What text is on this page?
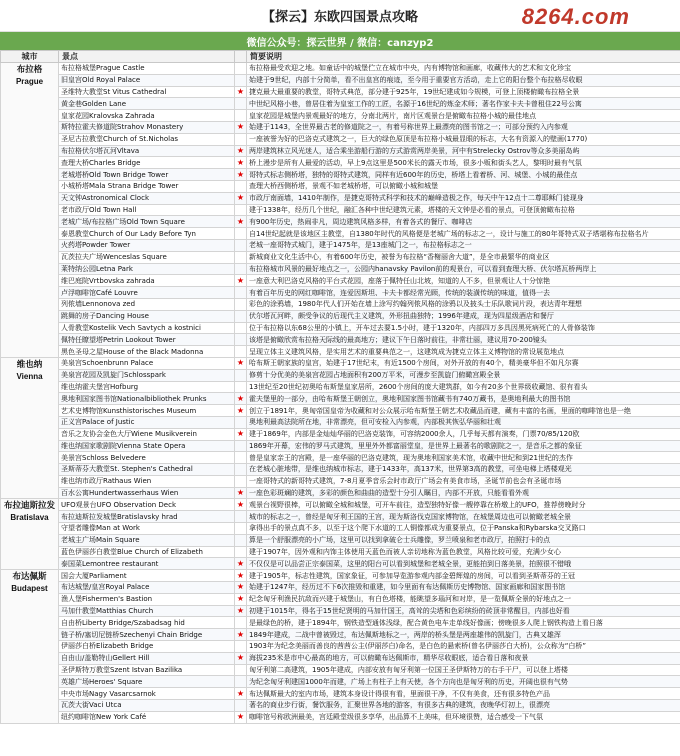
【探云】东欧四国景点攻略	8264.com
微信公众号：探云世界 / 微信：canzyp2
城市	景点		简要说明
布拉格
Prague	布拉格城堡Prague Castle		布拉格最受欢迎之地。如童话中的城堡伫立在城市中央，内有博物馆和画廊，收藏伟大的艺术和文化珍宝
	旧皇宫Old Royal Palace		始建于9世纪，内部十分简单，看不出皇宫的痕迹，至今用于重要官方活动，走上它的阳台整个布拉格尽收眼
	圣维特大教堂St Vitus Cathedral	★	捷克最大最重要的教堂，哥特式典范，部分建于925年，19世纪建成如今规模，可登上顶楼俯瞰布拉格全景
	黄金巷Golden Lane		中世纪风格小巷，曾居住着为皇室工作的工匠，名源于16世纪的炼金术师；著名作家卡夫卡曾租住22号公寓
	皇家花园Kralovska Zahrada		皇家花园是城堡内景观最好的地方，分南北两片，南片区观景台是俯瞰布拉格小城的最佳地点
	斯特拉霍夫修道院Strahov Monastery	★	始建于1143，全世界最古老的修道院之一，有着号称世界上最漂亮的图书馆之一；可部分预约入内参观
	圣尼古拉教堂Church of St.Nicholas		一座被誉为好的巴洛克式建筑之一，巨大的绿色原顶是布拉格小城最显眼的标志，大名有资源入的壁画(1770)
	布拉格伏尔塔瓦河Vltava	★	两岸建筑林立风光迷人，适合乘坐游船行游的方式游赏两岸美景，河中有Strelecky Ostrov等众多美丽岛屿
	查理大桥Charles Bridge	★	桥上漫步是所有人最爱的活动，早上9点这里是500米长的露天市场，很多小贩和街头艺人，黎明时最有气氛
	老城塔桥Old Town Bridge Tower	★	哥特式标志侧桥塔，独特的哥特式建筑，同样有近600年的历史，桥塔上看着桥、河、城堡、小城的最佳点
	小城桥塔Mala Strana Bridge Tower		查理大桥西侧桥塔，景观不如老城桥塔，可以俯瞰小城和城堡
	天文钟Astronomical Clock	★	市政厅南面墙，1410年制作，是捷克哥特式科学和技术的巅峰造极之作，每天中午12点十二尊耶稣门徒现身
	老市政厅Old Town Hall		建于1338年，经历几个世纪，融汇各种中世纪建筑元素，塔楼的天文钟是必看的景点，可登顶俯瞰布拉格
	老城广场/布拉格广场Old Town Square	★	有900年历史，热闹非凡，周边建筑风格多样，有着各式的餐厅、咖啡店
	泰恩教堂Church of Our Lady Before Tyn		自14世纪起就是该地区主教堂，自1380年时代的风格便是老城广场的标志之一，设计与施工的80年哥特式双子塔堪称布拉格名片
	火药塔Powder Tower		老城一座哥特式城门，建于1475年，是13座城门之一，布拉格标志之一
	瓦茨拉夫广场Wenceslas Square		新城商业文化生活中心，有着600年历史，被誉为布拉格“香榭丽舍大道”，是全市最繁华的商业区
	莱特纳公园Letna Park		布拉格城市风景的最好地点之一，公园内hanavsky Pavilon前的观景台，可以看到查理大桥、伏尔塔瓦桥两岸上
	维巴庭院Vrtbovska zahrada	★	一座意大利巴洛克风格的平台式花园，座落于佩特任山北坡，知道的人不多，但景观让人十分惊艳
	卢浮咖啡馆Café Louvre		有着百年历史的网红咖啡馆，连爱因斯坦、卡夫卡都经常光顾，传统的装潢传统的味道，值得一去
	列侬墙Lennonova zed		彩色的涂鸦墙，1980年代人们开始在墙上涂写约翰列侬风格的涂鸦以及披头士乐队歌词片段，表达青年理想
	跳舞的房子Dancing House		伏尔塔瓦河畔，颇受争议的后现代主义建筑，外形扭曲独特；1996年建成，现为四星级酒店和餐厅
	人骨教堂Kostelik Vech Savtych a kostnici		位于布拉格以东68公里的小镇上，开车过去要1.5小时，建于1320年，内部四万多具因黑死病死亡的人骨修装饰
	佩特任瞭望塔Petrin Lookout Tower		该塔是俯瞰欣赏布拉格天际线的最高地方；建议下午日落时前往，非常壮丽，建议用70-200镜头
	黑色圣母之屋House of the Black Madonna		呈现立体主义建筑风格，是实用艺术的重要典范之一，这建筑成为捷克立体主义博物馆的常设展览地点
维也纳
Vienna	美泉宫Schoenbrunn Palace	★	哈布斯王朝家族的皇宫，始建于17世纪末，有近1500个房间，对外开放的有40个，精美豪华但不如凡尔赛
	美泉宫花园及凯旋门Schlosspark		修剪十分优美的美泉宫花园占地面积有200万平米，可漫步至凯旋门俯瞰宫殿全景
	维也纳霍夫堡宫Hofburg		13世纪至20世纪初奥哈布斯堡皇家居所，2600个房间的庞大建筑群，如今有20多个世界级收藏馆、很有看头
	奥地利国家图书馆Nationalbibliothek Prunks	★	霍夫堡里的一部分，由哈布斯堡王朝创立，奥地利国家图书馆藏书有740万藏书，是奥地利最大的图书馆
	艺术史博物馆Kunsthistorisches Museum	★	创立于1891年，奥匈帝国皇帝为收藏和对公众展示哈布斯堡王朝艺术收藏品而建，藏有丰富的名画，里面的咖啡馆也是一绝
	正义宫Palace of Justic		奥地利最高法院所在地，非常漂亮，但可安检入内参观，内部极其恢弘华丽和壮观
	音乐之友协会金色大厅Wiene Musikverein	★	建于1869年，内部是金灿灿华丽的巴洛克装饰，可容纳2000余人，几乎每天都有演奏，门票70/85/120欧
	维也纳国家歌剧院Vienna State Opera		1869年开幕，宏伟的罗马式建筑，里里外外都富丽堂皇，是世界上最著名的歌剧院之一，是音乐之都的象征
	美景宫Schloss Belvedere		曾是皇家亲王的宫殿，是一座华丽的巴洛克建筑，现为奥地利国家美术馆，收藏中世纪和到21世纪的杰作
	圣斯蒂芬大教堂St. Stephen's Cathedral		在老城心脏地带，是维也纳城市标志，建于1433年，高137米，世界第3高的教堂，可坐电梯上塔楼观光
	维也纳市政厅Rathaus Wien		一座哥特式的新哥特式建筑，7-8月夏季音乐会时市政厅广场会有美食市场，圣诞节前也会有圣诞市场
	百水公寓Hundertwasserhaus Wien	★	一座色彩斑斓的建筑，多彩的颜色和曲曲的造型十分引人瞩目，内部不开放，只能看看外观
布拉迪斯拉发
Bratislava	UFO观景台UFO Observation Deck	★	观景台视野很棒，可以俯瞰全城和城堡，可开车前往，造型独特好像一艘停靠在桥墩上的UFO，推荐傍晚时分
	布拉迪斯拉发城堡Bratislavsky hrad		城市的标志之一，曾经是匈牙利王国的王宫，现为斯洛伐克国家博物馆，在城堡周边也可以俯瞰老城全景
	守望者雕像Man at Work		拿得出手的景点真不多，以至于这个爬下水道的工人铜像都成为重要景点，位于Panska和Rybarska交叉路口
	老城主广场Main Square		算是一个舒服漂亮的小广场，这里可以找到拿破仑士兵雕像，罗兰喷泉和老市政厅，拍照打卡的点
	蓝色伊丽莎白教堂Blue Church of Elizabeth		建于1907年，因外观和内饰主体使用天蓝色而被人亲切地称为蓝色教堂，风格比较可爱，充满少女心
	泰国菜Lemontree restaurant	★	不仅仅是可以品尝正宗泰国菜，这里的阳台可以看到城堡和老城全景，更能拍到日落美景，拍照很不错哦
布达佩斯
Budapest	国会大厦Parliament	★	建于1905年，标志性建筑，国家象征，可参加导览游参观内部金碧辉煌的房间，可以看到圣斯蒂芬的王冠
	布达城堡/皇宫Royal Palace	★	始建于1247年，经历过不下6次推毁和重建，如今里面有布达佩斯历史博物馆、国家画廊和国家图书馆
	渔人堡Fishermen's Bastion	★	纪念匈牙利渔民抗敌而兴建于城堡山，有白色塔楼，能眺望多瑙河和对岸，是一览佩斯全景的好地点之一
	马加什教堂Matthias Church	★	初建于1015年，得名于15世纪贤明的马加什国王，高耸的尖塔和色彩缤纷的砖顶非常醒目，内部也好看
	自由桥Liberty Bridge/Szabadsag hid		是最绿色的桥，建于1894年，钢铁造型通体浅绿，配合黄色电车走单线好像画；傍晚很多人爬上钢铁构造上看日落
	链子桥/塞切尼链桥Szechenyi Chain Bridge	★	1849年建成，二战中曾被毁过，布达佩斯地标之一，两岸的桥头堡是两座雄伟的凯旋门，古典又雄浑
	伊丽莎白桥Elizabeth Bridge		1903年为纪念美丽而善良的茜茜公主(伊丽莎白)命名，是白色的悬索桥(曾名伊丽莎白大桥)，公众称为“白桥”
	自由山/盖勒特山Gellert Hill	★	海拔235米是市中心最高的地方，可以俯瞰布达佩斯市，精华尽收眼底，适合看日落和夜景
	圣伊斯特万教堂Szent Istvan Bazilika		匈牙利第二高建筑，1905年建成，内部安放有匈牙利第一位国王圣伊斯特万的右手干尸，可以登上塔楼
	英雄广场Heroes' Square		为纪念匈牙利建国1000年而建，广场上有柱子上有天使，各个方向也是匈牙利的历史，开阔也很有气势
	中央市场Nagy Vasarcsarnok	★	布达佩斯最大的室内市场，建筑本身设计得很有看，里面很干净，不仅有美食，还有很多特色产品
	瓦茨大街Vaci Utca		著名的商业步行街，餐饮服务，汇聚世界各地的游客，有很多古典的建筑，夜晚华灯初上，很漂亮
	纽约咖啡馆New York Café	★	咖啡馆号称欧洲最美，宫廷殿堂级很多享华，出品算不上美味，但环境很赞，适合感受一下气氛
